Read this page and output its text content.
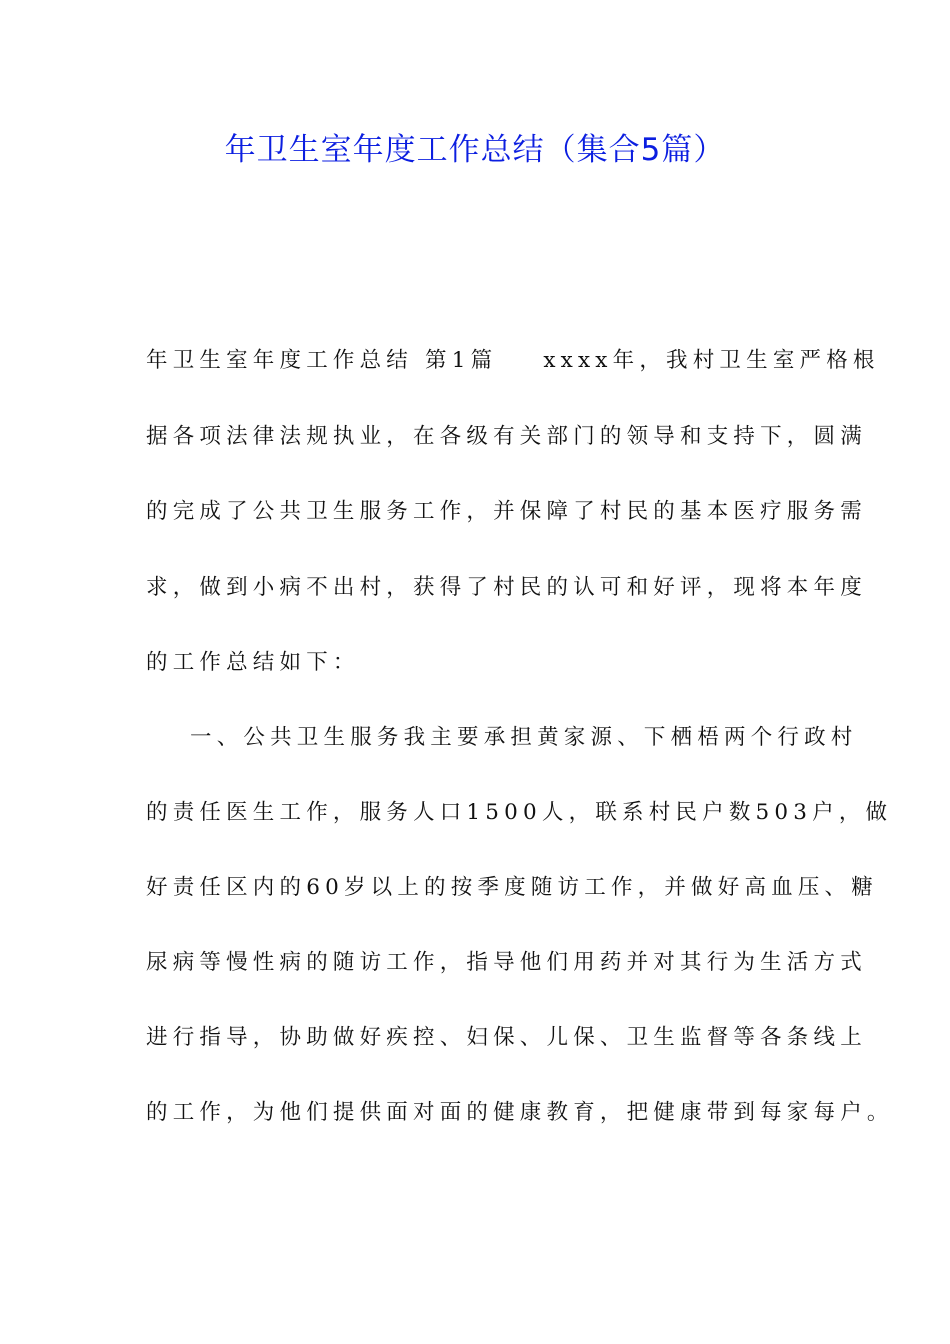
年卫生室年度工作总结（集合5篇）
年卫生室年度工作总结 第1篇 xxxx年，我村卫生室严格根
据各项法律法规执业，在各级有关部门的领导和支持下，圆满
的完成了公共卫生服务工作，并保障了村民的基本医疗服务需
求，做到小病不出村，获得了村民的认可和好评，现将本年度
的工作总结如下：
一、公共卫生服务我主要承担黄家源、下栖梧两个行政村
的责任医生工作，服务人口1500人，联系村民户数503户，做
好责任区内的60岁以上的按季度随访工作，并做好高血压、糖
尿病等慢性病的随访工作，指导他们用药并对其行为生活方式
进行指导，协助做好疾控、妇保、儿保、卫生监督等各条线上
的工作，为他们提供面对面的健康教育，把健康带到每家每户。
